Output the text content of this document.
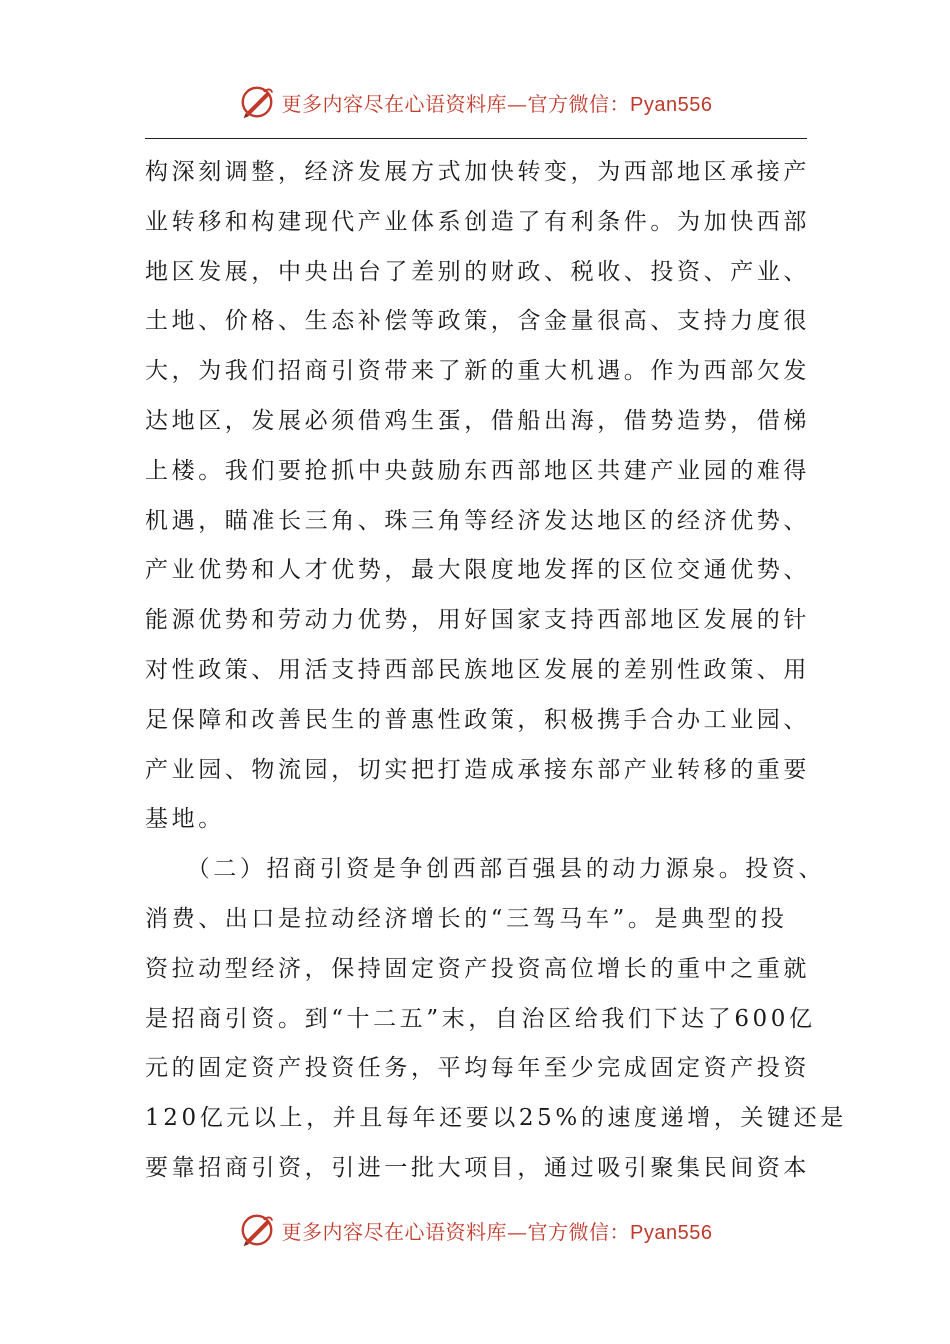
更多内容尽在心语资料库—官方微信：Pyan556
构深刻调整，经济发展方式加快转变，为西部地区承接产
业转移和构建现代产业体系创造了有利条件。为加快西部
地区发展，中央出台了差别的财政、税收、投资、产业、
土地、价格、生态补偿等政策，含金量很高、支持力度很
大，为我们招商引资带来了新的重大机遇。作为西部欠发
达地区，发展必须借鸡生蛋，借船出海，借势造势，借梯
上楼。我们要抢抓中央鼓励东西部地区共建产业园的难得
机遇，瞄准长三角、珠三角等经济发达地区的经济优势、
产业优势和人才优势，最大限度地发挥的区位交通优势、
能源优势和劳动力优势，用好国家支持西部地区发展的针
对性政策、用活支持西部民族地区发展的差别性政策、用
足保障和改善民生的普惠性政策，积极携手合办工业园、
产业园、物流园，切实把打造成承接东部产业转移的重要
基地。
　　（二）招商引资是争创西部百强县的动力源泉。投资、
消费、出口是拉动经济增长的“三驾马车”。是典型的投
资拉动型经济，保持固定资产投资高位增长的重中之重就
是招商引资。到“十二五”末，自治区给我们下达了600亿
元的固定资产投资任务，平均每年至少完成固定资产投资
120亿元以上，并且每年还要以25%的速度递增，关键还是
要靠招商引资，引进一批大项目，通过吸引聚集民间资本
更多内容尽在心语资料库—官方微信：Pyan556
